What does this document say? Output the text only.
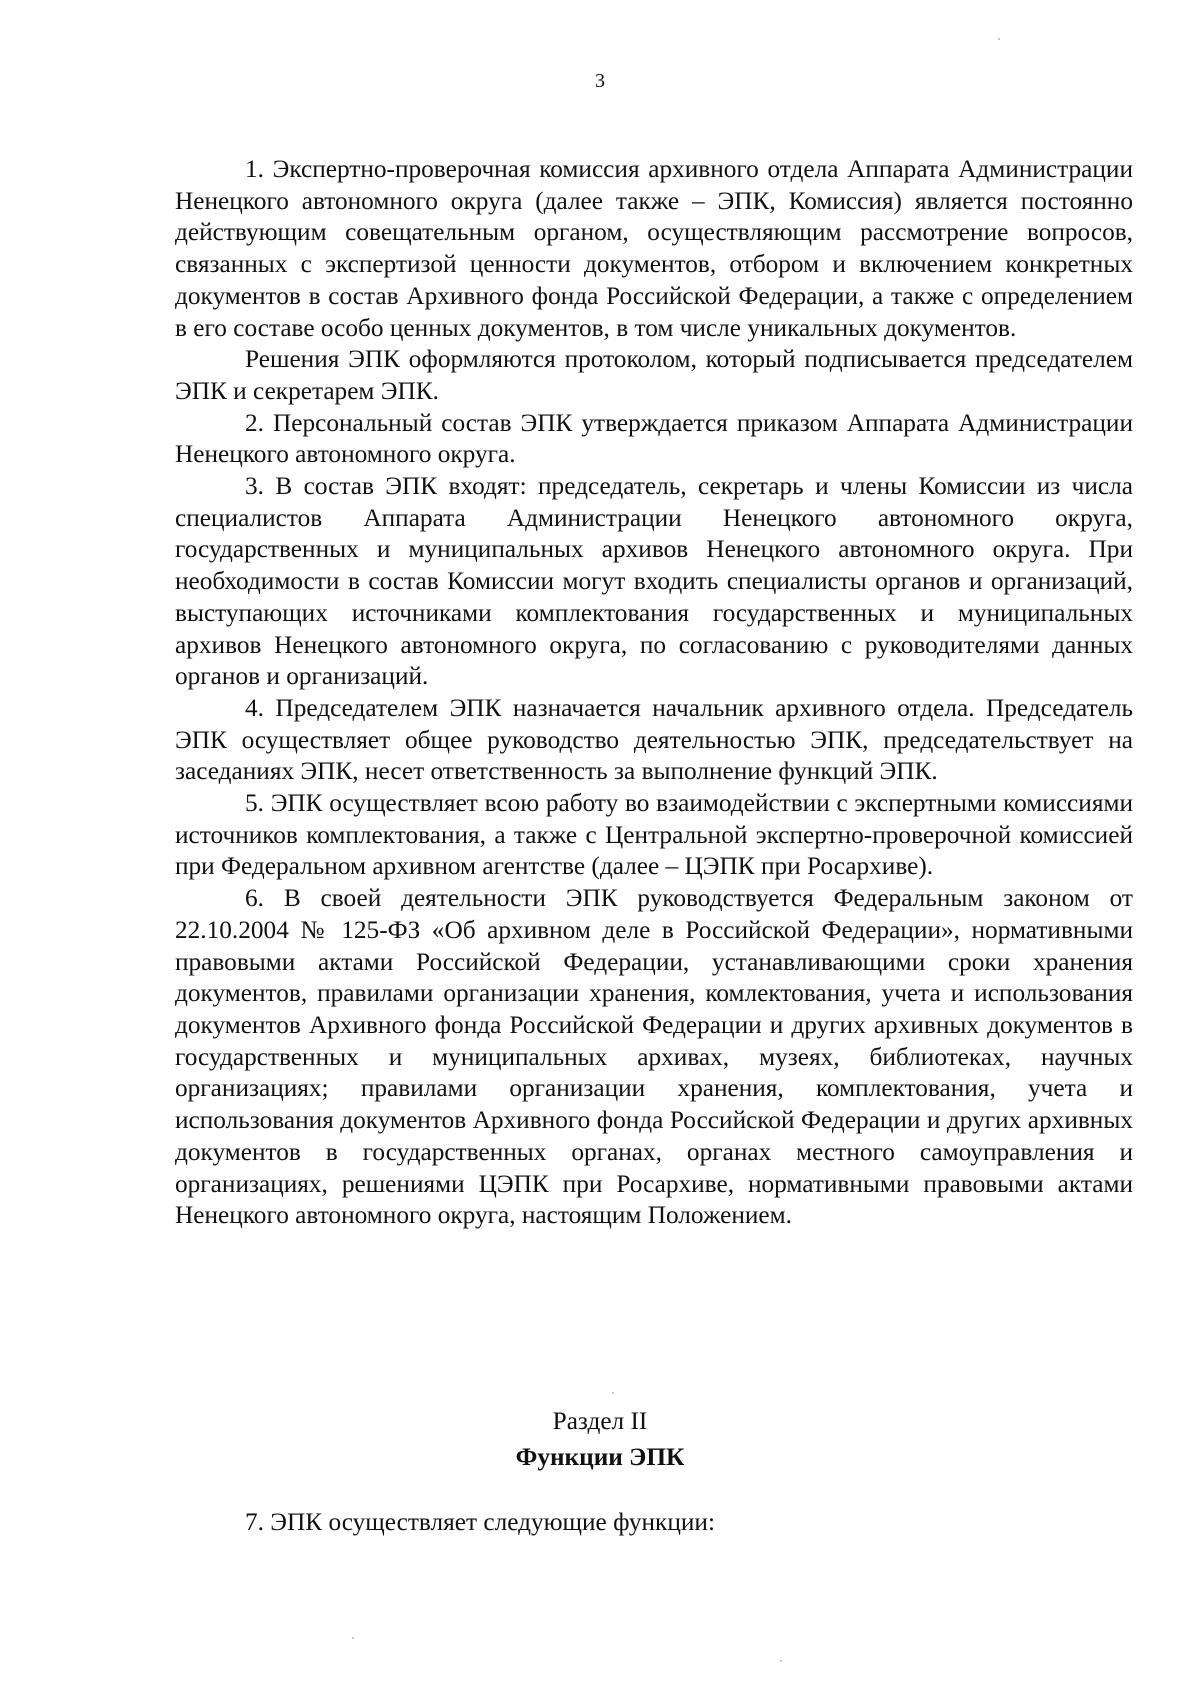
3

1. Экспертно-проверочная комиссия архивного отдела Аппарата Администрации Ненецкого автономного округа (далее также – ЭПК, Комиссия) является постоянно действующим совещательным органом, осуществляющим рассмотрение вопросов, связанных с экспертизой ценности документов, отбором и включением конкретных документов в состав Архивного фонда Российской Федерации, а также с определением в его составе особо ценных документов, в том числе уникальных документов.

Решения ЭПК оформляются протоколом, который подписывается председателем ЭПК и секретарем ЭПК.

2. Персональный состав ЭПК утверждается приказом Аппарата Администрации Ненецкого автономного округа.

3. В состав ЭПК входят: председатель, секретарь и члены Комиссии из числа специалистов Аппарата Администрации Ненецкого автономного округа, государственных и муниципальных архивов Ненецкого автономного округа. При необходимости в состав Комиссии могут входить специалисты органов и организаций, выступающих источниками комплектования государственных и муниципальных архивов Ненецкого автономного округа, по согласованию с руководителями данных органов и организаций.

4. Председателем ЭПК назначается начальник архивного отдела. Председатель ЭПК осуществляет общее руководство деятельностью ЭПК, председательствует на заседаниях ЭПК, несет ответственность за выполнение функций ЭПК.

5. ЭПК осуществляет всою работу во взаимодействии с экспертными комиссиями источников комплектования, а также с Центральной экспертно-проверочной комиссией при Федеральном архивном агентстве (далее – ЦЭПК при Росархиве).

6. В своей деятельности ЭПК руководствуется Федеральным законом от 22.10.2004 № 125-ФЗ «Об архивном деле в Российской Федерации», нормативными правовыми актами Российской Федерации, устанавливающими сроки хранения документов, правилами организации хранения, комлектования, учета и использования документов Архивного фонда Российской Федерации и других архивных документов в государственных и муниципальных архивах, музеях, библиотеках, научных организациях; правилами организации хранения, комплектования, учета и использования документов Архивного фонда Российской Федерации и других архивных документов в государственных органах, органах местного самоуправления и организациях, решениями ЦЭПК при Росархиве, нормативными правовыми актами Ненецкого автономного округа, настоящим Положением.

Раздел II
Функции ЭПК
7. ЭПК осуществляет следующие функции:
